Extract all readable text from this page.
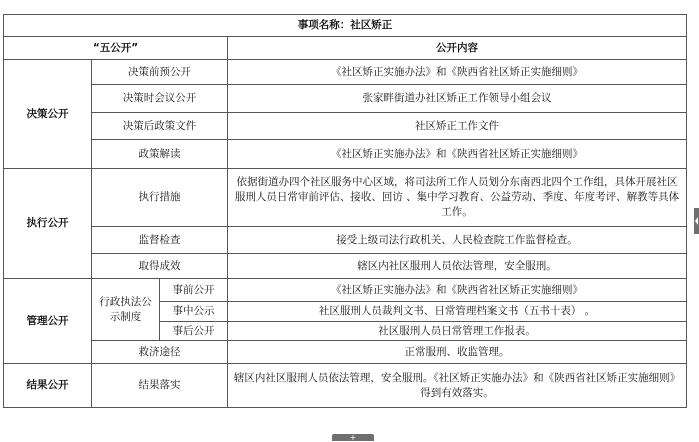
事项名称：社区矫正			
“五公开”			公开内容
决策公开	决策前预公开		《社区矫正实施办法》和《陕西省社区矫正实施细则》
	决策时会议公开		张家畔街道办社区矫正工作领导小组会议
	决策后政策文件		社区矫正工作文件
	政策解读		《社区矫正实施办法》和《陕西省社区矫正实施细则》
执行公开	执行措施		依据街道办四个社区服务中心区域，将司法所工作人员划分东南西北四个工作组，具体开展社区服刑人员日常审前评估、接收、回访 、集中学习教育、公益劳动、季度、年度考评、解教等具体工作。
	监督检查		接受上级司法行政机关、人民检查院工作监督检查。
	取得成效		辖区内社区服刑人员依法管理，安全服刑。
管理公开	行政执法公示制度	事前公开	《社区矫正实施办法》和《陕西省社区矫正实施细则》
		事中公示	社区服刑人员裁判文书、日常管理档案文书（五书十表） 。
		事后公开	社区服刑人员日常管理工作报表。
	救济途径		正常服刑、收监管理。
结果公开	结果落实		辖区内社区服刑人员依法管理，安全服刑。《社区矫正实施办法》和《陕西省社区矫正实施细则》 得到有效落实。
+
